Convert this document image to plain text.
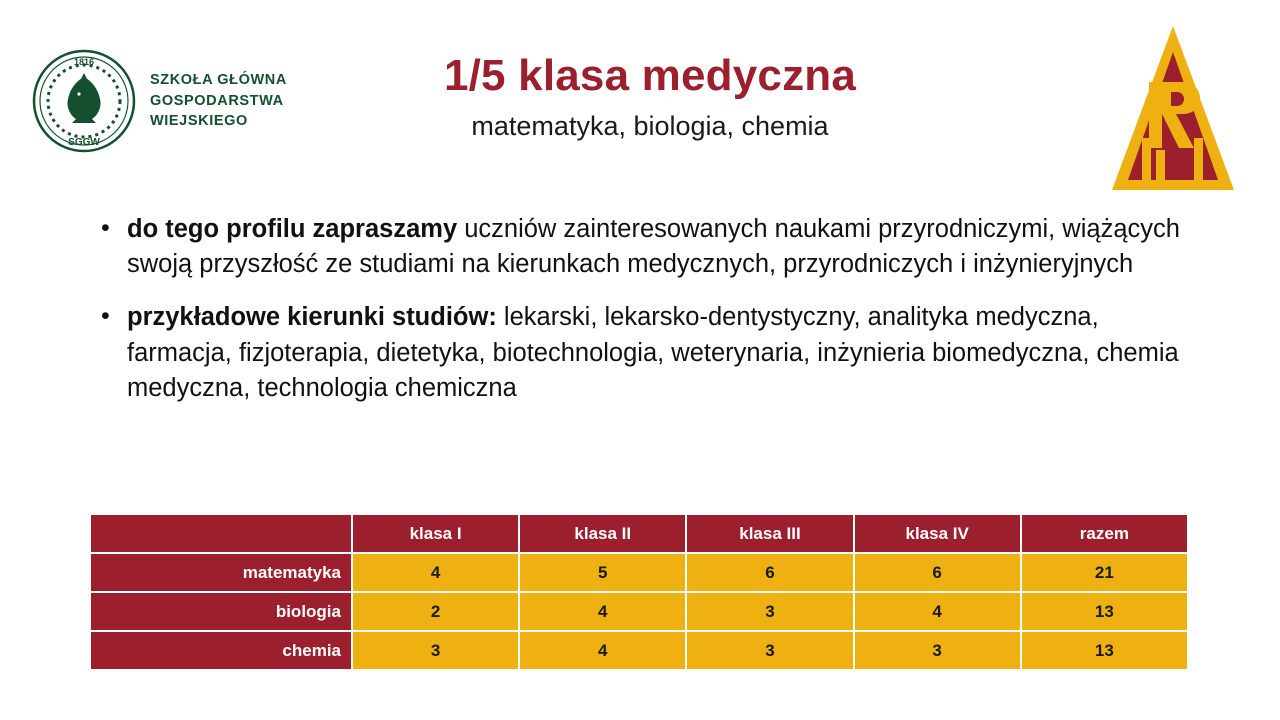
1816
SGGW
SZKOŁA GŁÓWNA
GOSPODARSTWA
WIEJSKIEGO
1/5 klasa medyczna

matematyka, biologia, chemia

• do tego profilu zapraszamy uczniów zainteresowanych naukami przyrodniczymi, wiążących swoją przyszłość ze studiami na kierunkach medycznych, przyrodniczych i inżynieryjnych
• przykładowe kierunki studiów: lekarski, lekarsko-dentystyczny, analityka medyczna, farmacja, fizjoterapia, dietetyka, biotechnologia, weterynaria, inżynieria biomedyczna, chemia medyczna, technologia chemiczna
	klasa I	klasa II	klasa III	klasa IV	razem
matematyka	4	5	6	6	21
biologia	2	4	3	4	13
chemia	3	4	3	3	13
